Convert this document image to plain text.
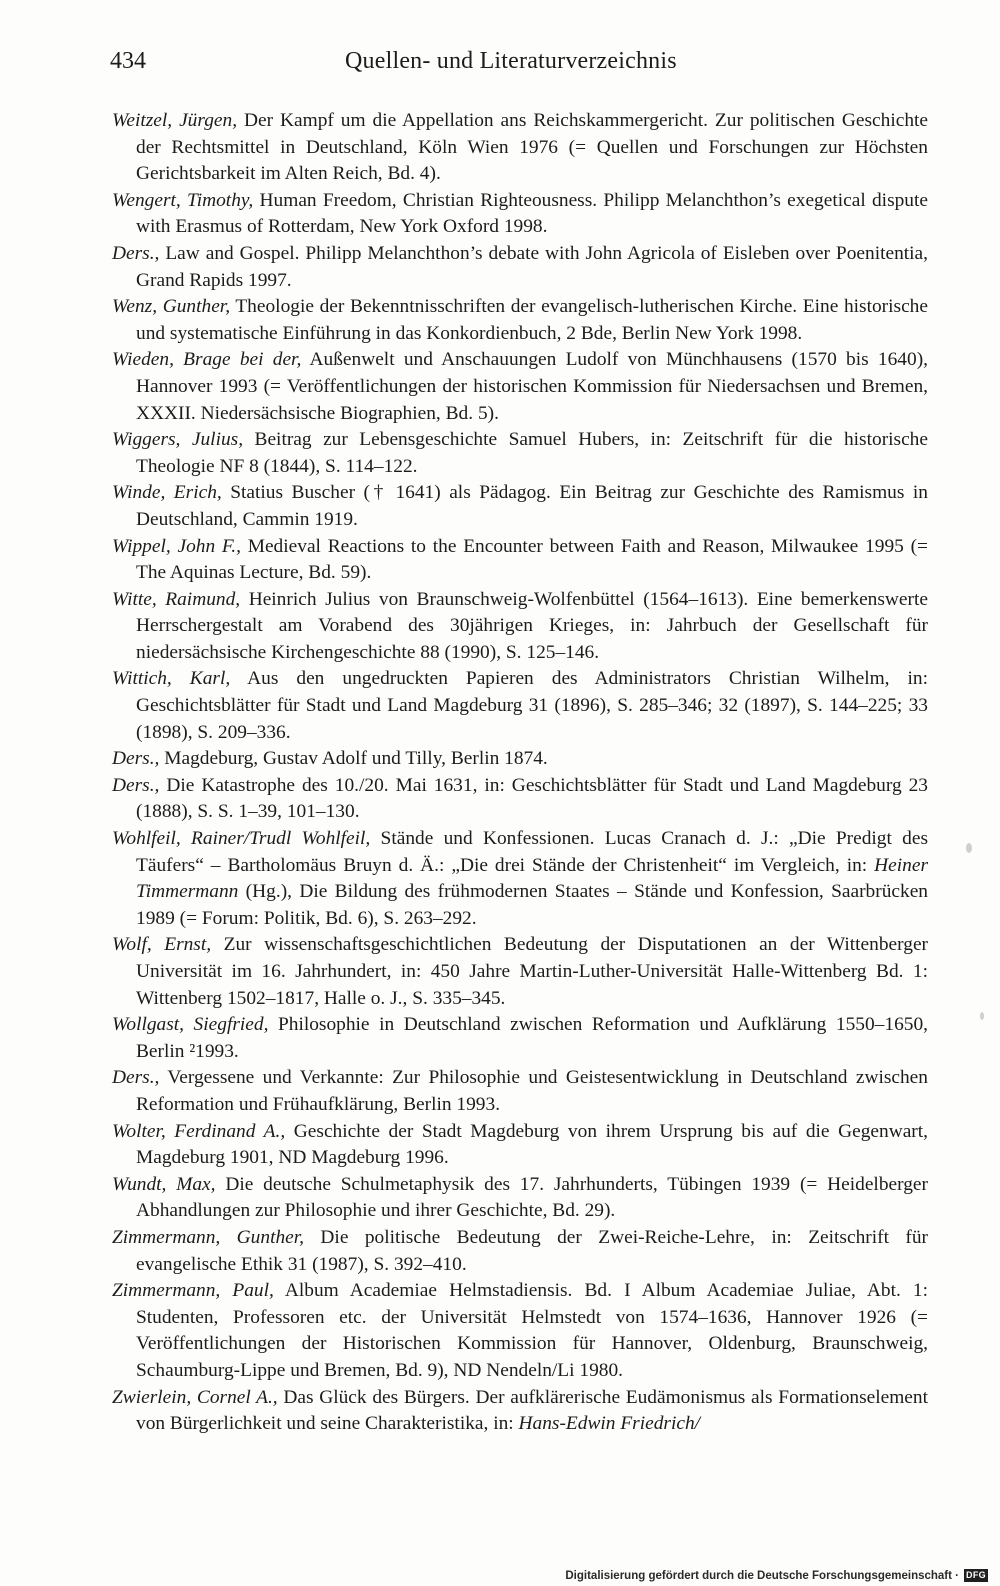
434	Quellen- und Literaturverzeichnis

Weitzel, Jürgen, Der Kampf um die Appellation ans Reichskammergericht. Zur politischen Geschichte der Rechtsmittel in Deutschland, Köln Wien 1976 (= Quellen und Forschungen zur Höchsten Gerichtsbarkeit im Alten Reich, Bd. 4).

Wengert, Timothy, Human Freedom, Christian Righteousness. Philipp Melanchthon’s exegetical dispute with Erasmus of Rotterdam, New York Oxford 1998.

Ders., Law and Gospel. Philipp Melanchthon’s debate with John Agricola of Eisleben over Poenitentia, Grand Rapids 1997.

Wenz, Gunther, Theologie der Bekenntnisschriften der evangelisch-lutherischen Kirche. Eine historische und systematische Einführung in das Konkordienbuch, 2 Bde, Berlin New York 1998.

Wieden, Brage bei der, Außenwelt und Anschauungen Ludolf von Münchhausens (1570 bis 1640), Hannover 1993 (= Veröffentlichungen der historischen Kommission für Niedersachsen und Bremen, XXXII. Niedersächsische Biographien, Bd. 5).

Wiggers, Julius, Beitrag zur Lebensgeschichte Samuel Hubers, in: Zeitschrift für die historische Theologie NF 8 (1844), S. 114–122.

Winde, Erich, Statius Buscher († 1641) als Pädagog. Ein Beitrag zur Geschichte des Ramismus in Deutschland, Cammin 1919.

Wippel, John F., Medieval Reactions to the Encounter between Faith and Reason, Milwaukee 1995 (= The Aquinas Lecture, Bd. 59).

Witte, Raimund, Heinrich Julius von Braunschweig-Wolfenbüttel (1564–1613). Eine bemerkenswerte Herrschergestalt am Vorabend des 30jährigen Krieges, in: Jahrbuch der Gesellschaft für niedersächsische Kirchengeschichte 88 (1990), S. 125–146.

Wittich, Karl, Aus den ungedruckten Papieren des Administrators Christian Wilhelm, in: Geschichtsblätter für Stadt und Land Magdeburg 31 (1896), S. 285–346; 32 (1897), S. 144–225; 33 (1898), S. 209–336.

Ders., Magdeburg, Gustav Adolf und Tilly, Berlin 1874.

Ders., Die Katastrophe des 10./20. Mai 1631, in: Geschichtsblätter für Stadt und Land Magdeburg 23 (1888), S. S. 1–39, 101–130.

Wohlfeil, Rainer/Trudl Wohlfeil, Stände und Konfessionen. Lucas Cranach d. J.: „Die Predigt des Täufers“ – Bartholomäus Bruyn d. Ä.: „Die drei Stände der Christenheit“ im Vergleich, in: Heiner Timmermann (Hg.), Die Bildung des frühmodernen Staates – Stände und Konfession, Saarbrücken 1989 (= Forum: Politik, Bd. 6), S. 263–292.

Wolf, Ernst, Zur wissenschaftsgeschichtlichen Bedeutung der Disputationen an der Wittenberger Universität im 16. Jahrhundert, in: 450 Jahre Martin-Luther-Universität Halle-Wittenberg Bd. 1: Wittenberg 1502–1817, Halle o. J., S. 335–345.

Wollgast, Siegfried, Philosophie in Deutschland zwischen Reformation und Aufklärung 1550–1650, Berlin ²1993.

Ders., Vergessene und Verkannte: Zur Philosophie und Geistesentwicklung in Deutschland zwischen Reformation und Frühaufklärung, Berlin 1993.

Wolter, Ferdinand A., Geschichte der Stadt Magdeburg von ihrem Ursprung bis auf die Gegenwart, Magdeburg 1901, ND Magdeburg 1996.

Wundt, Max, Die deutsche Schulmetaphysik des 17. Jahrhunderts, Tübingen 1939 (= Heidelberger Abhandlungen zur Philosophie und ihrer Geschichte, Bd. 29).

Zimmermann, Gunther, Die politische Bedeutung der Zwei-Reiche-Lehre, in: Zeitschrift für evangelische Ethik 31 (1987), S. 392–410.

Zimmermann, Paul, Album Academiae Helmstadiensis. Bd. I Album Academiae Juliae, Abt. 1: Studenten, Professoren etc. der Universität Helmstedt von 1574–1636, Hannover 1926 (= Veröffentlichungen der Historischen Kommission für Hannover, Oldenburg, Braunschweig, Schaumburg-Lippe und Bremen, Bd. 9), ND Nendeln/Li 1980.

Zwierlein, Cornel A., Das Glück des Bürgers. Der aufklärerische Eudämonismus als Formationselement von Bürgerlichkeit und seine Charakteristika, in: Hans-Edwin Friedrich/

Digitalisierung gefördert durch die Deutsche Forschungsgemeinschaft · DFG
